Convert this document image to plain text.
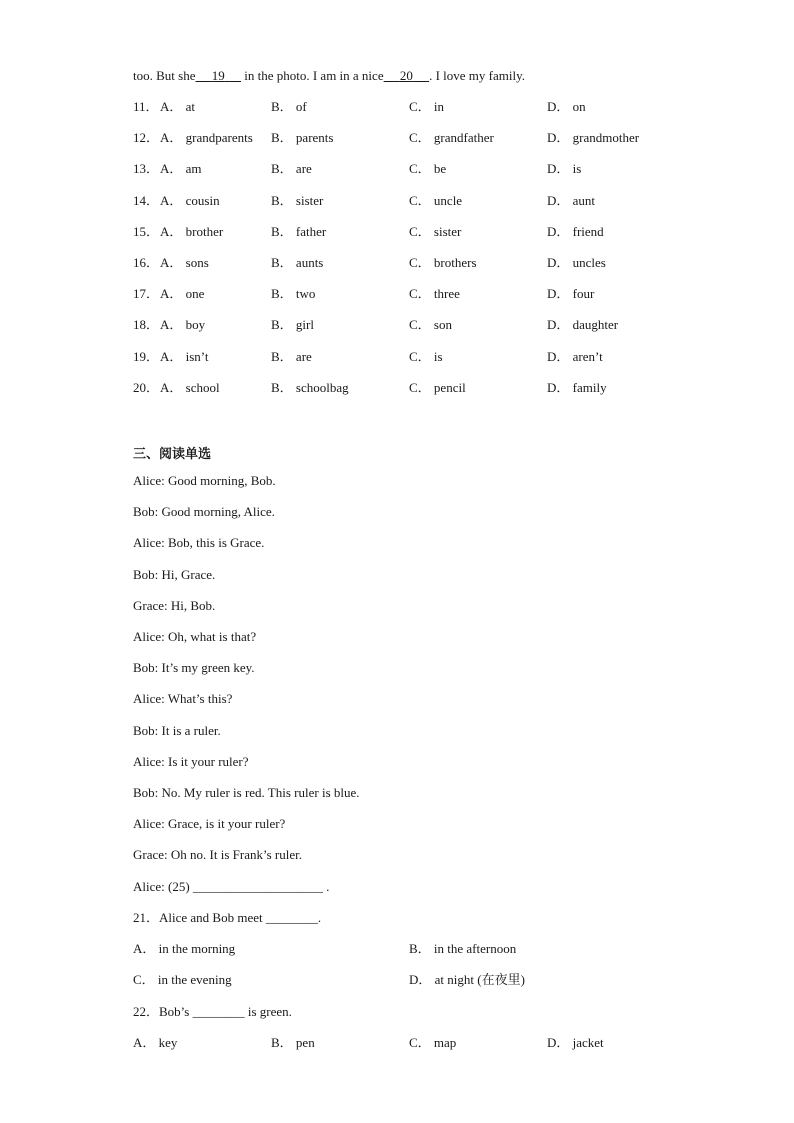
too. But she 19      in the photo. I am in a nice 20 . I love my family.
11． A． at	B． of	C． in	D． on
12． A． grandparents B． parents	C． grandfather	D． grandmother
13． A． am	B． are	C． be	D． is
14． A． cousin	B． sister	C． uncle	D． aunt
15． A． brother	B． father	C． sister	D． friend
16． A． sons	B． aunts	C． brothers	D． uncles
17． A． one	B． two	C． three	D． four
18． A． boy	B． girl	C． son	D． daughter
19． A． isn’t	B． are	C． is	D． aren’t
20． A． school	B． schoolbag	C． pencil	D． family
三、阅读单选
Alice: Good morning, Bob.
Bob: Good morning, Alice.
Alice: Bob, this is Grace.
Bob: Hi, Grace.
Grace: Hi, Bob.
Alice: Oh, what is that?
Bob: It’s my green key.
Alice: What’s this?
Bob: It is a ruler.
Alice: Is it your ruler?
Bob: No. My ruler is red. This ruler is blue.
Alice: Grace, is it your ruler?
Grace: Oh no. It is Frank’s ruler.
Alice: (25) ____________________ .
21．Alice and Bob meet ________.
A． in the morning	B． in the afternoon
C． in the evening	D． at night (在夜里)
22．Bob’s ________ is green.
A． key	B． pen	C． map	D． jacket
